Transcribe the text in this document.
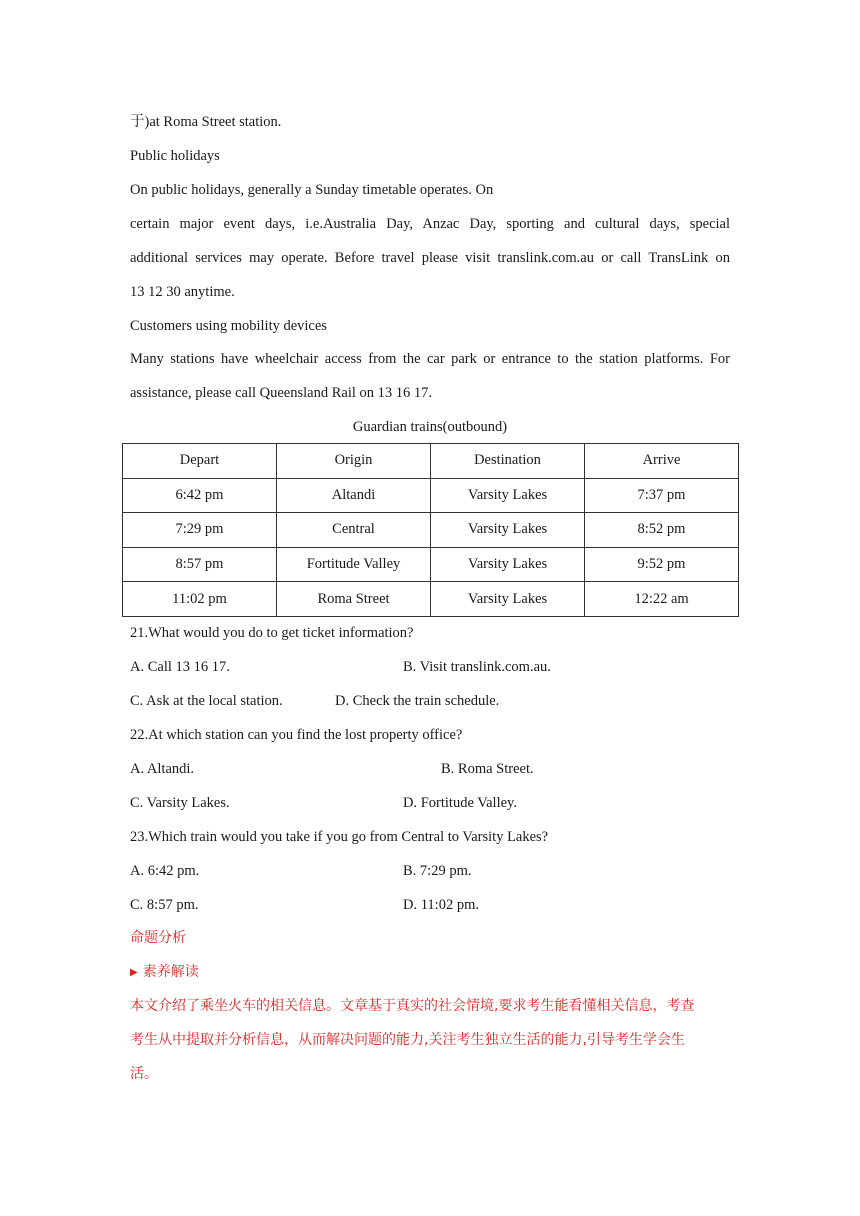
于)at Roma Street station.
Public holidays
On public holidays, generally a Sunday timetable operates. On
certain major event days, i.e.Australia Day, Anzac Day, sporting and cultural days, special
additional services may operate. Before travel please visit translink.com.au or call TransLink on
13 12 30 anytime.
Customers using mobility devices
Many stations have wheelchair access from the car park or entrance to the station platforms. For
assistance, please call Queensland Rail on 13 16 17.
Guardian trains(outbound)
Depart	Origin	Destination	Arrive
6:42 pm	Altandi	Varsity Lakes	7:37 pm
7:29 pm	Central	Varsity Lakes	8:52 pm
8:57 pm	Fortitude Valley	Varsity Lakes	9:52 pm
11:02 pm	Roma Street	Varsity Lakes	12:22 am
21.What would you do to get ticket information?
A. Call 13 16 17.	B. Visit translink.com.au.
C. Ask at the local station.	D. Check the train schedule.
22.At which station can you find the lost property office?
A. Altandi.	B. Roma Street.
C. Varsity Lakes.	D. Fortitude Valley.
23.Which train would you take if you go from Central to Varsity Lakes?
A. 6:42 pm.	B. 7:29 pm.
C. 8:57 pm.	D. 11:02 pm.
命题分析
▶ 素养解读
本文介绍了乘坐火车的相关信息。文章基于真实的社会情境,要求考生能看懂相关信息，考查
考生从中提取并分析信息，从而解决问题的能力,关注考生独立生活的能力,引导考生学会生
活。
